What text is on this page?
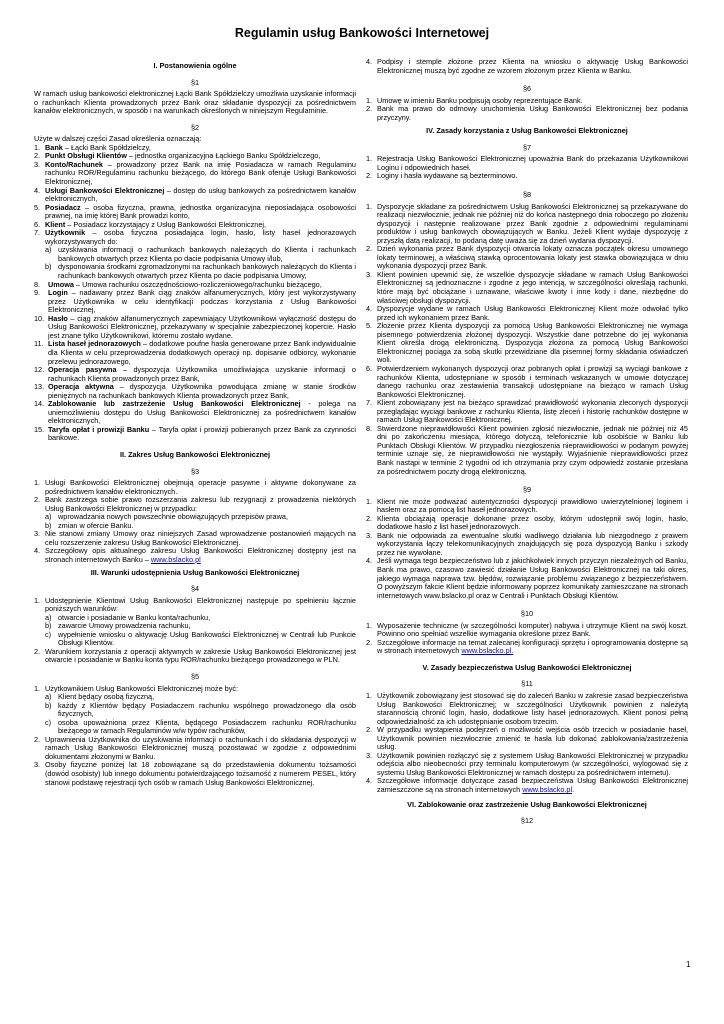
Regulamin usług Bankowości Internetowej
I. Postanowienia ogólne
§1

W ramach usług bankowości elektronicznej Łącki Bank Spółdzielczy umożliwia uzyskanie informacji o rachunkach Klienta prowadzonych przez Bank oraz składanie dyspozycji za pośrednictwem kanałów elektronicznych, w sposób i na warunkach określonych w niniejszym Regulaminie.

§2

Użyte w dalszej części Zasad określenia oznaczają:

1. Bank – Łącki Bank Spółdzielczy,
2. Punkt Obsługi Klientów – jednostka organizacyjna Łąckiego Banku Spółdzielczego,
3. Konto/Rachunek – prowadzony przez Bank na imię Posiadacza w ramach Regulaminu rachunku ROR/Regulaminu rachunku bieżącego, do którego Bank oferuje Usługi Bankowości Elektronicznej,
4. Usługi Bankowości Elektronicznej – dostęp do usług bankowych za pośrednictwem kanałów elektronicznych,
5. Posiadacz – osoba fizyczna, prawna, jednostka organizacyjna nieposiadająca osobowości prawnej, na imię której Bank prowadzi konto,
6. Klient – Posiadacz korzystający z Usług Bankowości Elektronicznej,
7. Użytkownik – osoba fizyczna posiadająca login, hasło, listy haseł jednorazowych wykorzystywanych do:
a) uzyskiwania informacji o rachunkach bankowych należących do Klienta i rachunkach bankowych otwartych przez Klienta po dacie podpisania Umowy i/lub,
b) dysponowania środkami zgromadzonymi na rachunkach bankowych należących do Klienta i rachunkach bankowych otwartych przez Klienta po dacie podpisania Umowy,
8. Umowa – Umowa rachunku oszczędnościowo-rozliczeniowego/rachunku bieżącego,
9. Login – nadawany przez Bank ciąg znaków alfanumerycznych, który jest wykorzystywany przez Użytkownika w celu identyfikacji podczas korzystania z Usług Bankowości Elektronicznej,
10. Hasło – ciąg znaków alfanumerycznych zapewniający Użytkownikowi wyłączność dostępu do Usług Bankowości Elektronicznej, przekazywany w specjalnie zabezpieczonej kopercie. Hasło jest znane tylko Użytkownikowi, któremu zostało wydane.
11. Lista haseł jednorazowych – dodatkowe poufne hasła generowane przez Bank indywidualnie dla Klienta w celu przeprowadzenia dodatkowych operacji np. dopisanie odbiorcy, wykonanie przelewu jednorazowego,
12. Operacja pasywna – dyspozycja Użytkownika umożliwiająca uzyskanie informacji o rachunkach Klienta prowadzonych przez Bank,
13. Operacja aktywna – dyspozycja Użytkownika powodująca zmianę w stanie środków pieniężnych na rachunkach bankowych Klienta prowadzonych przez Bank,
14. Zablokowanie lub zastrzeżenie Usług Bankowości Elektronicznej - polega na uniemożliwieniu dostępu do Usług Bankowości Elektronicznej za pośrednictwem kanałów elektronicznych,
15. Taryfa opłat i prowizji Banku – Taryfa opłat i prowizji pobieranych przez Bank za czynności bankowe.
II. Zakres Usług Bankowości Elektronicznej
§3
1. Usługi Bankowości Elektronicznej obejmują operacje pasywne i aktywne dokonywane za pośrednictwem kanałów elektronicznych.
2. Bank zastrzega sobie prawo rozszerzania zakresu lub rezygnacji z prowadzenia niektórych Usług Bankowości Elektronicznej w przypadku:
a) wprowadzania nowych powszechnie obowiązujących przepisów prawa,
b) zmian w ofercie Banku.
3. Nie stanowi zmiany Umowy oraz niniejszych Zasad wprowadzenie postanowień mających na celu rozszerzenie zakresu Usług Bankowości Elektronicznej.
4. Szczegółowy opis aktualnego zakresu Usług Bankowości Elektronicznej dostępny jest na stronach internetowych Banku – www.bslacko.pl
III. Warunki udostępnienia Usług Bankowości Elektronicznej
§4
1. Udostępnienie Klientowi Usług Bankowości Elektronicznej następuje po spełnieniu łącznie poniższych warunków:
a) otwarcie i posiadanie w Banku konta/rachunku,
b) zawarcie Umowy prowadzenia rachunku,
c) wypełnienie wniosku o aktywację Usług Bankowości Elektronicznej w Centrali lub Punkcie Obsługi Klientów.
2. Warunkiem korzystania z operacji aktywnych w zakresie Usług Bankowości Elektronicznej jest otwarcie i posiadanie w Banku konta typu ROR/rachunku bieżącego prowadzonego w PLN.
§5
1. Użytkownikiem Usług Bankowości Elektronicznej może być:
a) Klient będący osobą fizyczną,
b) każdy z Klientów będący Posiadaczem rachunku wspólnego prowadzonego dla osób fizycznych,
c) osoba upoważniona przez Klienta, będącego Posiadaczem rachunku ROR/rachunku bieżącego w ramach Regulaminów w/w typów rachunków,
2. Uprawnienia Użytkownika do uzyskiwania informacji o rachunkach i do składania dyspozycji w ramach Usług Bankowości Elektronicznej muszą pozostawać w zgodzie z odpowiednimi dokumentami złożonymi w Banku.
3. Osoby fizyczne poniżej lat 18 zobowiązane są do przedstawienia dokumentu tożsamości (dowód osobisty) lub innego dokumentu potwierdzającego tożsamość z numerem PESEL, który stanowi podstawę rejestracji tych osób w ramach Usług Bankowości Elektronicznej.
4. Podpisy i stemple złożone przez Klienta na wniosku o aktywację Usług Bankowości Elektronicznej muszą być zgodne ze wzorem złożonym przez Klienta w Banku.
§6
1. Umowę w imieniu Banku podpisują osoby reprezentujące Bank.
2. Bank ma prawo do odmowy uruchomienia Usług Bankowości Elektronicznej bez podania przyczyny.
IV. Zasady korzystania z Usług Bankowości Elektronicznej
§7
1. Rejestracja Usług Bankowości Elektronicznej upoważnia Bank do przekazania Użytkownikowi Loginu i odpowiednich haseł.
2. Loginy i hasła wydawane są bezterminowo.
§8
1. Dyspozycje składane za pośrednictwem Usług Bankowości Elektronicznej są przekazywane do realizacji niezwłocznie, jednak nie później niż do końca następnego dnia roboczego po złożeniu dyspozycji i następnie realizowane przez Bank zgodnie z odpowiednimi regulaminami produktów i usług bankowych obowiązujących w Banku. Jeżeli Klient wydaje dyspozycję z przyszłą datą realizacji, to podaną datę uważa się za dzień wydania dyspozycji.
2. Dzień wykonania przez Bank dyspozycji otwarcia lokaty oznacza początek okresu umownego lokaty terminowej, a właściwą stawką oprocentowania lokaty jest stawka obowiązująca w dniu wykonania dyspozycji przez Bank.
3. Klient powinien upewnić się, że wszelkie dyspozycje składane w ramach Usług Bankowości Elektronicznej są jednoznaczne i zgodne z jego intencją, w szczególności określają rachunki, które mają być obciążane i uznawane, właściwe kwoty i inne kody i dane, niezbędne do właściwej obsługi dyspozycji.
4. Dyspozycje wydane w ramach Usług Bankowości Elektronicznej Klient może odwołać tylko przed ich wykonaniem przez Bank.
5. Złożenie przez Klienta dyspozycji za pomocą Usług Bankowości Elektronicznej nie wymaga pisemnego potwierdzenia złożonej dyspozycji. Wszystkie dane potrzebne do jej wykonania Klient określa drogą elektroniczną. Dyspozycja złożona za pomocą Usług Bankowości Elektronicznej pociąga za sobą skutki przewidziane dla pisemnej formy składania oświadczeń woli.
6. Potwierdzeniem wykonanych dyspozycji oraz pobranych opłat i prowizji są wyciągi bankowe z rachunków Klienta, udostępniane w sposób i terminach wskazanych w umowie dotyczącej danego rachunku oraz zestawienia transakcji udostępniane na bieżąco w ramach Usług Bankowości Elektronicznej.
7. Klient zobowiązany jest na bieżąco sprawdzać prawidłowość wykonania zleconych dyspozycji przeglądając wyciągi bankowe z rachunku Klienta, listę zleceń i historię rachunków dostępne w ramach Usług Bankowości Elektronicznej.
8. Stwierdzone nieprawidłowości Klient powinien zgłosić niezwłocznie, jednak nie później niż 45 dni po zakończeniu miesiąca, którego dotyczą, telefonicznie lub osobiście w Banku lub Punktach Obsługi Klientów. W przypadku niezgłoszenia nieprawidłowości w podanym powyżej terminie uznaje się, że nieprawidłowości nie wystąpiły. Wyjaśnienie nieprawidłowości przez Bank nastąpi w terminie 2 tygodni od ich otrzymania przy czym odpowiedź zostanie przesłana za pośrednictwem poczty drogą elektroniczną.
§9
1. Klient nie może podważać autentyczności dyspozycji prawidłowo uwierzytelnionej loginem i hasłem oraz za pomocą list haseł jednorazowych.
2. Klienta obciążają operacje dokonane przez osoby, którym udostępnił swój login, hasło, dodatkowe hasło z list haseł jednorazowych.
3. Bank nie odpowiada za ewentualne skutki wadliwego działania lub niezgodnego z prawem wykorzystania łączy telekomunikacyjnych znajdujących się poza dyspozycją Banku i szkody przez nie wywołane.
4. Jeśli wymaga tego bezpieczeństwo lub z jakichkolwiek innych przyczyn niezależnych od Banku, Bank ma prawo, czasowo zawiesić działanie Usług Bankowości Elektronicznej na taki okres, jakiego wymaga naprawa tzw. błędów, rozwiązanie problemu związanego z bezpieczeństwem. O powyższym fakcie Klient będzie informowany poprzez komunikaty zamieszczane na stronach internetowych www.bslacko.pl oraz w Centrali i Punktach Obsługi Klientów.
§10
1. Wyposażenie techniczne (w szczególności komputer) nabywa i utrzymuje Klient na swój koszt. Powinno ono spełniać wszelkie wymagania określone przez Bank.
2. Szczegółowe informacje na temat zalecanej konfiguracji sprzętu i oprogramowania dostępne są w stronach internetowych www.bslacko.pl.
V. Zasady bezpieczeństwa Usług Bankowości Elektronicznej
§11
1. Użytkownik zobowiązany jest stosować się do zaleceń Banku w zakresie zasad bezpieczeństwa Usług Bankowości Elektronicznej; w szczególności Użytkownik powinien z należytą starannością chronić login, hasło, dodatkowe listy haseł jednorazowych. Klient ponosi pełną odpowiedzialność za ich udostępnianie osobom trzecim.
2. W przypadku wystąpienia podejrzeń o możliwość wejścia osób trzecich w posiadanie haseł, Użytkownik powinien niezwłocznie zmienić te hasła lub dokonać zablokowania/zastrzeżenia usług.
3. Użytkownik powinien rozłączyć się z systemem Usług Bankowości Elektronicznej w przypadku odejścia albo nieobecności przy terminalu komputerowym (w szczególności, wylogować się z systemu Usług Bankowości Elektronicznej w ramach dostępu za pośrednictwem internetu).
4. Szczegółowe informacje dotyczące zasad bezpieczeństwa Usług Bankowości Elektronicznej zamieszczone są na stronach internetowych www.bslacko.pl.
VI. Zablokowanie oraz zastrzeżenie Usług Bankowości Elektronicznej
§12
1
